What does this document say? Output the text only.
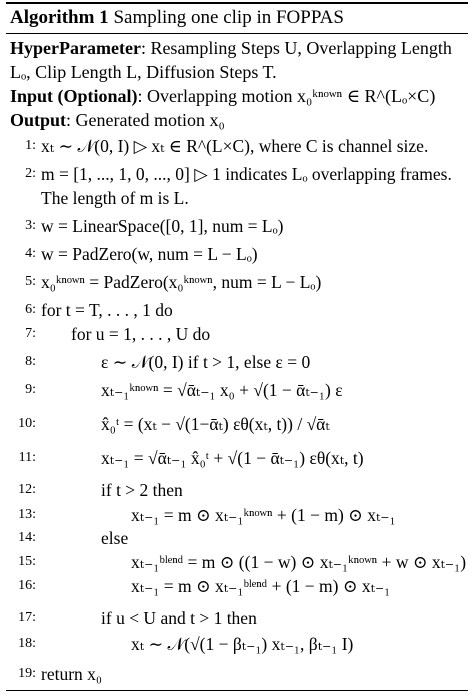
Algorithm 1 Sampling one clip in FOPPAS
HyperParameter: Resampling Steps U, Overlapping Length Lₒ, Clip Length L, Diffusion Steps T.
Input (Optional): Overlapping motion x₀ᵏⁿᵒʷⁿ ∈ R^(Lₒ×C)
Output: Generated motion x₀
1: xₜ ∼ 𝒩(0, I) ▷ xₜ ∈ R^(L×C), where C is channel size.
2: m = [1, ..., 1, 0, ..., 0] ▷ 1 indicates Lₒ overlapping frames. The length of m is L.
3: w = LinearSpace([0, 1], num = Lₒ)
4: w = PadZero(w, num = L − Lₒ)
5: x₀ᵏⁿᵒʷⁿ = PadZero(x₀ᵏⁿᵒʷⁿ, num = L − Lₒ)
6: for t = T, . . . , 1 do
7: for u = 1, . . . , U do
8:	ε ∼ 𝒩(0, I) if t > 1, else ε = 0
9:	xₜ₋₁ᵏⁿᵒʷⁿ = √ᾱₜ₋₁ x₀ + √(1 − ᾱₜ₋₁) ε
10:	x̂₀ᵗ = (xₜ − √(1−ᾱₜ) εθ(xₜ, t)) / √ᾱₜ
11:	xₜ₋₁ = √ᾱₜ₋₁ x̂₀ᵗ + √(1 − ᾱₜ₋₁) εθ(xₜ, t)
12:	if t > 2 then
13:	xₜ₋₁ = m ⊙ xₜ₋₁ᵏⁿᵒʷⁿ + (1 − m) ⊙ xₜ₋₁
14:	else
15:	xₜ₋₁ᵇˡᵉⁿᵈ = m ⊙ ((1 − w) ⊙ xₜ₋₁ᵏⁿᵒʷⁿ + w ⊙ xₜ₋₁)
16:	xₜ₋₁ = m ⊙ xₜ₋₁ᵇˡᵉⁿᵈ + (1 − m) ⊙ xₜ₋₁
17:	if u < U and t > 1 then
18:	xₜ ∼ 𝒩(√(1 − βₜ₋₁) xₜ₋₁, βₜ₋₁ I)
19: return x₀
